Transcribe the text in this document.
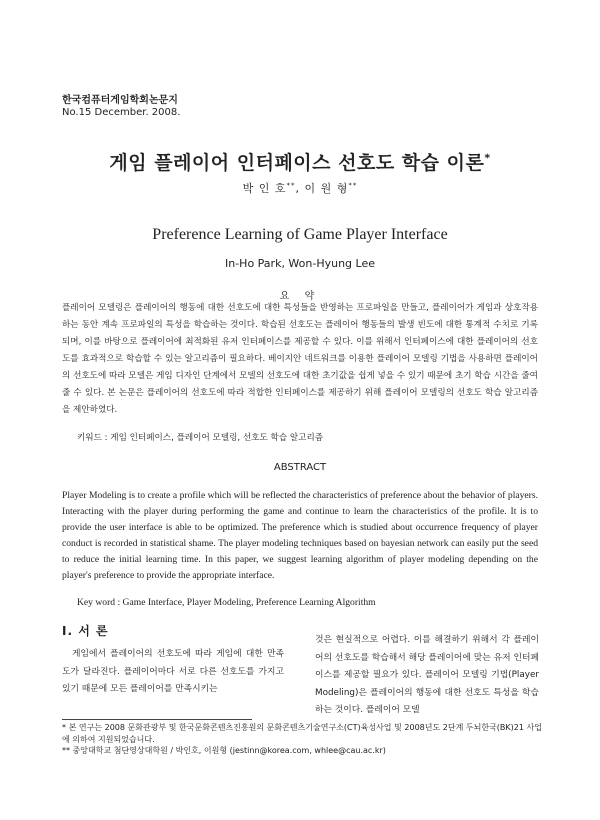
한국컴퓨터게임학회논문지
No.15 December. 2008.
게임 플레이어 인터페이스 선호도 학습 이론*
박 인 호**, 이 원 형**
Preference Learning of Game Player Interface
In-Ho Park, Won-Hyung Lee
요 약
플레이어 모델링은 플레이어의 행동에 대한 선호도에 대한 특성들을 반영하는 프로파일을 만들고, 플레이어가 게임과 상호작용하는 동안 계속 프로파일의 특성을 학습하는 것이다. 학습된 선호도는 플레이어 행동들의 발생 빈도에 대한 통계적 수치로 기록되며, 이를 바탕으로 플레이어에 최적화된 유저 인터페이스를 제공할 수 있다. 이를 위해서 인터페이스에 대한 플레이어의 선호도를 효과적으로 학습할 수 있는 알고리즘이 필요하다. 베이지안 네트워크를 이용한 플레이어 모델링 기법을 사용하면 플레이어의 선호도에 따라 모델은 게임 디자인 단계에서 모델의 선호도에 대한 초기값을 쉽게 넣을 수 있기 때문에 초기 학습 시간을 줄여줄 수 있다. 본 논문은 플레이어의 선호도에 따라 적합한 인터페이스를 제공하기 위해 플레이어 모델링의 선호도 학습 알고리즘을 제안하였다.
키워드 : 게임 인터페이스, 플레이어 모델링, 선호도 학습 알고리즘
ABSTRACT
Player Modeling is to create a profile which will be reflected the characteristics of preference about the behavior of players. Interacting with the player during performing the game and continue to learn the characteristics of the profile. It is to provide the user interface is able to be optimized. The preference which is studied about occurrence frequency of player conduct is recorded in statistical shame. The player modeling techniques based on bayesian network can easily put the seed to reduce the initial learning time. In this paper, we suggest learning algorithm of player modeling depending on the player's preference to provide the appropriate interface.
Key word : Game Interface, Player Modeling, Preference Learning Algorithm
Ⅰ. 서 론

게임에서 플레이어의 선호도에 따라 게임에 대한 만족도가 달라진다. 플레이어마다 서로 다른 선호도를 가지고 있기 때문에 모든 플레이어를 만족시키는

것은 현실적으로 어렵다. 이를 해결하기 위해서 각 플레이어의 선호도를 학습해서 해당 플레이어에 맞는 유저 인터페이스를 제공할 필요가 있다. 플레이어 모델링 기법(Player Modeling)은 플레이어의 행동에 대한 선호도 특성을 학습하는 것이다. 플레이어 모델

* 본 연구는 2008 문화관광부 및 한국문화콘텐츠진흥원의 문화콘텐츠기술연구소(CT)육성사업 및 2008년도 2단계 두뇌한국(BK)21 사업에 의하여 지원되었습니다.
** 중앙대학교 첨단영상대학원 / 박인호, 이원형 (jestinn@korea.com, whlee@cau.ac.kr)
